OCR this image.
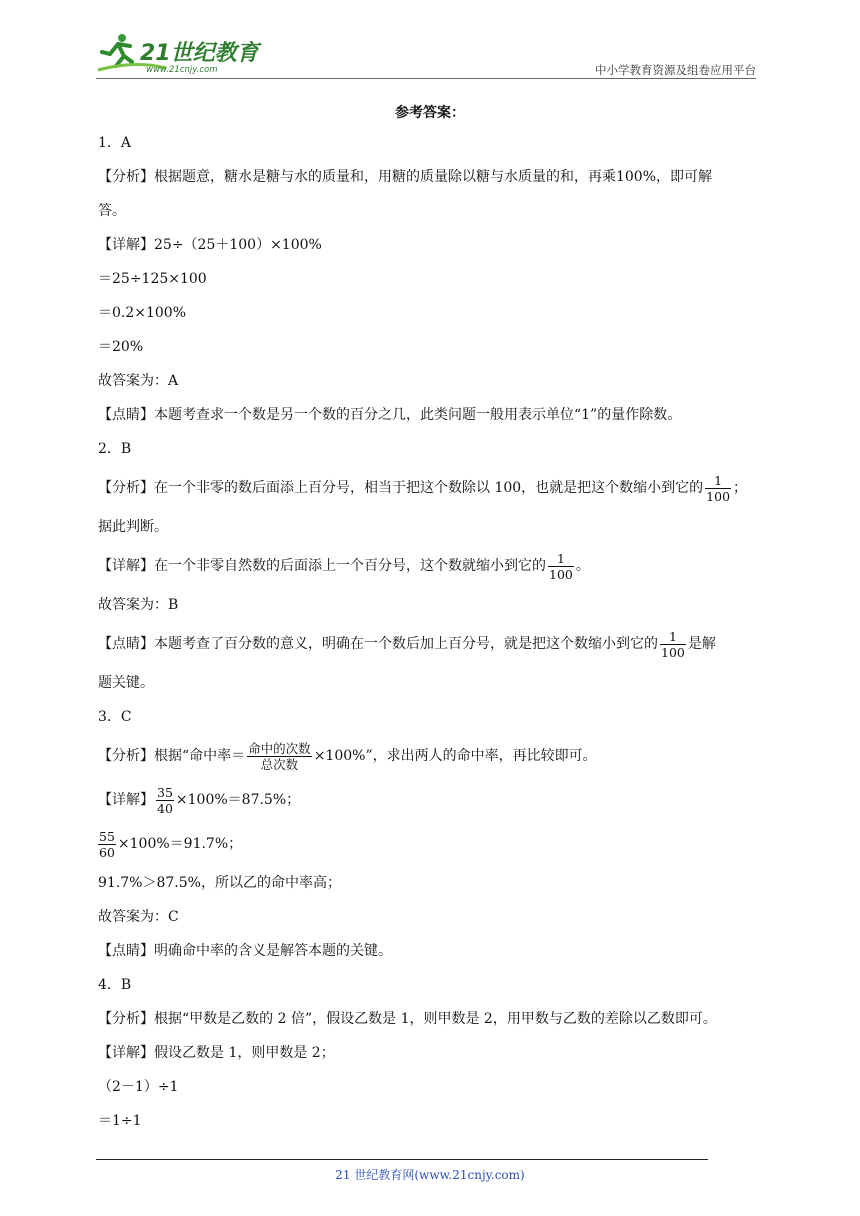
21世纪教育
www.21cnjy.com	中小学教育资源及组卷应用平台
参考答案：
1．A
【分析】根据题意，糖水是糖与水的质量和，用糖的质量除以糖与水质量的和，再乘100%，即可解
答。
【详解】25÷（25＋100）×100%
＝25÷125×100
＝0.2×100%
＝20%
故答案为：A
【点睛】本题考查求一个数是另一个数的百分之几，此类问题一般用表示单位“1”的量作除数。
2．B
【分析】在一个非零的数后面添上百分号，相当于把这个数除以 100，也就是把这个数缩小到它的 $\frac{1}{100}$ ；
据此判断。
【详解】在一个非零自然数的后面添上一个百分号，这个数就缩小到它的 $\frac{1}{100}$ 。
故答案为：B
【点睛】本题考查了百分数的意义，明确在一个数后加上百分号，就是把这个数缩小到它的 $\frac{1}{100}$ 是解
题关键。
3．C
【分析】根据“命中率＝ $\frac{\text{命中的次数}}{\text{总次数}} \times 100\%$”，求出两人的命中率，再比较即可。
【详解】 $\frac{35}{40} \times 100\%=87.5\%$；
$\frac{55}{60} \times 100\%=91.7\%$；
91.7%＞87.5%，所以乙的命中率高；
故答案为：C
【点睛】明确命中率的含义是解答本题的关键。
4．B
【分析】根据“甲数是乙数的 2 倍”，假设乙数是 1，则甲数是 2，用甲数与乙数的差除以乙数即可。
【详解】假设乙数是 1，则甲数是 2；
（2－1）÷1
＝1÷1
21 世纪教育网(www.21cnjy.com)
